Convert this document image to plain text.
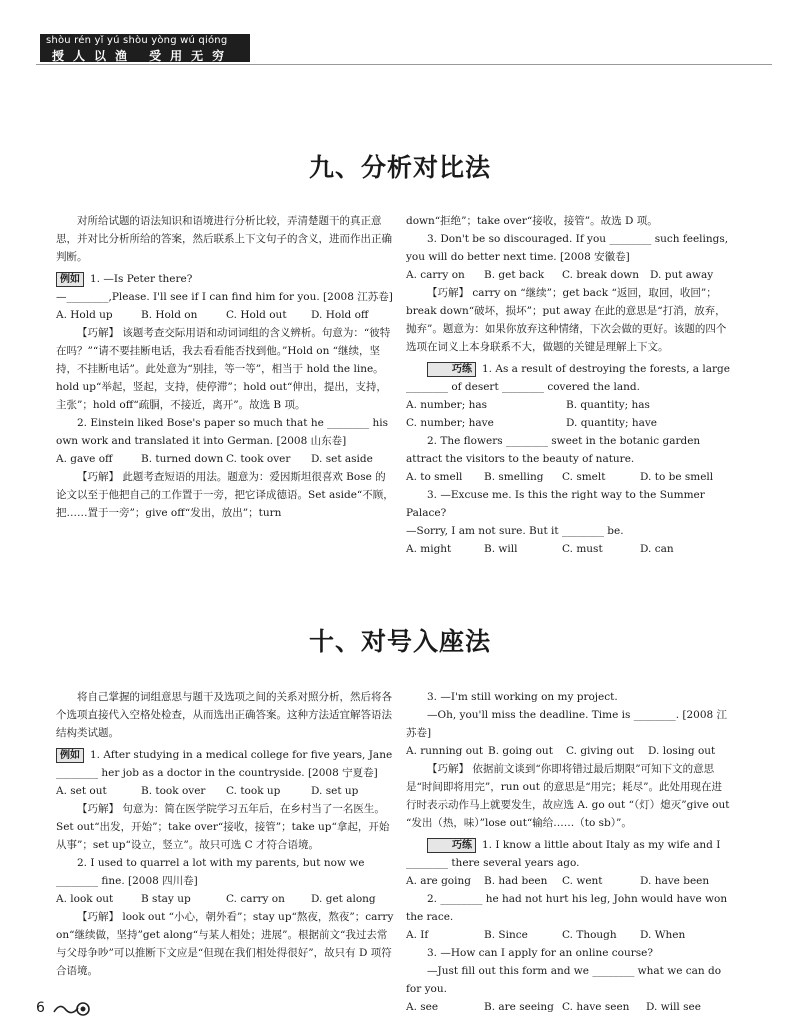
shòu rén yǐ yú shòu yòng wú qióng
授人以渔 受用无穷
九、分析对比法

对所给试题的语法知识和语境进行分析比较，弄清楚题干的真正意思，并对比分析所给的答案，然后联系上下文句子的含义，进而作出正确判断。

例如 1. —Is Peter there?

—________,Please. I'll see if I can find him for you. [2008 江苏卷]

A. Hold up	B. Hold on	C. Hold out	D. Hold off

【巧解】 该题考查交际用语和动词词组的含义辨析。句意为：“彼特在吗？”“请不要挂断电话，我去看看能否找到他。”Hold on “继续，坚持，不挂断电话”。此处意为“别挂，等一等”，相当于 hold the line。hold up“举起，竖起，支持，使停滞”；hold out“伸出，提出，支持，主张”；hold off“疏胴，不接近，离开”。故选 B 项。

2. Einstein liked Bose's paper so much that he ________ his own work and translated it into German. [2008 山东卷]

A. gave off	B. turned down C. took over	D. set aside

【巧解】 此题考查短语的用法。题意为：爱因斯坦很喜欢 Bose 的论文以至于他把自己的工作置于一旁，把它译成德语。Set aside“不顾，把……置于一旁”；give off“发出，放出”；turn

down“拒绝”；take over“接收，接管”。故选 D 项。

3. Don't be so discouraged. If you ________ such feelings, you will do better next time. [2008 安徽卷]

A. carry on	B. get back	C. break down	D. put away

【巧解】 carry on “继续”；get back “返回，取回，收回”；break down“破坏，损坏”；put away 在此的意思是“打消，放弃，抛弃”。题意为：如果你放弃这种情绪，下次会做的更好。该题的四个选项在词义上本身联系不大，做题的关键是理解上下文。

巧练 1. As a result of destroying the forests, a large ________ of desert ________ covered the land.

A. number; has	B. quantity; has
C. number; have	D. quantity; have

2. The flowers ________ sweet in the botanic garden attract the visitors to the beauty of nature.

A. to smell	B. smelling	C. smelt	D. to be smell

3. —Excuse me. Is this the right way to the Summer Palace?

—Sorry, I am not sure. But it ________ be.

A. might	B. will	C. must	D. can
十、对号入座法

将自己掌握的词组意思与题干及选项之间的关系对照分析，然后将各个选项直接代入空格处检查，从而选出正确答案。这种方法适宜解答语法结构类试题。

例如 1. After studying in a medical college for five years, Jane ________ her job as a doctor in the countryside. [2008 宁夏卷]

A. set out	B. took over	C. took up	D. set up

【巧解】 句意为：简在医学院学习五年后，在乡村当了一名医生。Set out“出发，开始”；take over“接收，接管”；take up“拿起，开始从事”；set up“设立，竖立”。故只可选 C 才符合语境。

2. I used to quarrel a lot with my parents, but now we ________ fine. [2008 四川卷]

A. look out	B stay up	C. carry on	D. get along

【巧解】 look out “小心，朝外看”；stay up“熬夜，熬夜”；carry on“继续做，坚持”get along“与某人相处；进展”。根据前文“我过去常与父母争吵”可以推断下文应是“但现在我们相处得很好”，故只有 D 项符合语境。

3. —I'm still working on my project.

—Oh, you'll miss the deadline. Time is ________. [2008 江苏卷]

A. running out B. going out	C. giving out	D. losing out

【巧解】 依据前文谈到“你即将错过最后期限”可知下文的意思是“时间即将用完”，run out 的意思是“用完；耗尽”。此处用现在进行时表示动作马上就要发生，故应选 A. go out “（灯）熄灭”give out “发出（热，味）”lose out“输给……（to sb）”。

巧练 1. I know a little about Italy as my wife and I ________ there several years ago.

A. are going	B. had been	C. went	D. have been

2. ________ he had not hurt his leg, John would have won the race.

A. If	B. Since	C. Though	D. When

3. —How can I apply for an online course?

—Just fill out this form and we ________ what we can do for you.

A. see	B. are seeing C. have seen	D. will see
6
